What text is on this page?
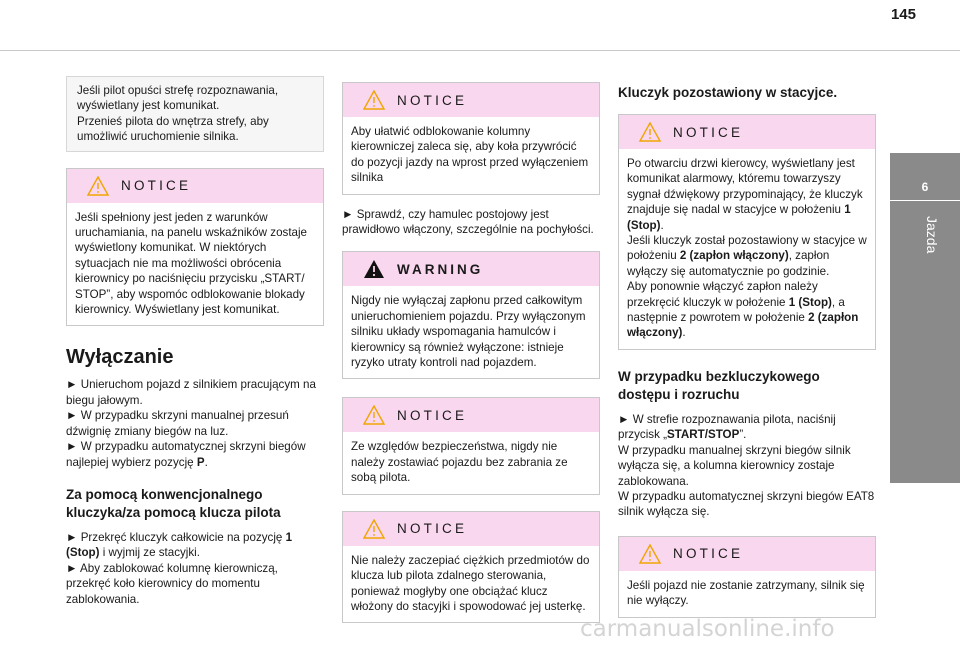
145

Jeśli pilot opuści strefę rozpoznawania, wyświetlany jest komunikat.
Przenieś pilota do wnętrza strefy, aby umożliwić uruchomienie silnika.

NOTICE

Jeśli spełniony jest jeden z warunków uruchamiania, na panelu wskaźników zostaje wyświetlony komunikat. W niektórych sytuacjach nie ma możliwości obrócenia kierownicy po naciśnięciu przycisku „START/ STOP”, aby wspomóc odblokowanie blokady kierownicy. Wyświetlany jest komunikat.

Wyłączanie

► Unieruchom pojazd z silnikiem pracującym na biegu jałowym.
► W przypadku skrzyni manualnej przesuń dźwignię zmiany biegów na luz.
► W przypadku automatycznej skrzyni biegów najlepiej wybierz pozycję P.

Za pomocą konwencjonalnego kluczyka/za pomocą klucza pilota

► Przekręć kluczyk całkowicie na pozycję 1 (Stop) i wyjmij ze stacyjki.
► Aby zablokować kolumnę kierowniczą, przekręć koło kierownicy do momentu zablokowania.

NOTICE

Aby ułatwić odblokowanie kolumny kierowniczej zaleca się, aby koła przywrócić do pozycji jazdy na wprost przed wyłączeniem silnika

► Sprawdź, czy hamulec postojowy jest prawidłowo włączony, szczególnie na pochyłości.

WARNING

Nigdy nie wyłączaj zapłonu przed całkowitym unieruchomieniem pojazdu. Przy wyłączonym silniku układy wspomagania hamulców i kierownicy są również wyłączone: istnieje ryzyko utraty kontroli nad pojazdem.

NOTICE

Ze względów bezpieczeństwa, nigdy nie należy zostawiać pojazdu bez zabrania ze sobą pilota.

NOTICE

Nie należy zaczepiać ciężkich przedmiotów do klucza lub pilota zdalnego sterowania, ponieważ mogłyby one obciążać klucz włożony do stacyjki i spowodować jej usterkę.

Kluczyk pozostawiony w stacyjce.
NOTICE

Po otwarciu drzwi kierowcy, wyświetlany jest komunikat alarmowy, któremu towarzyszy sygnał dźwiękowy przypominający, że kluczyk znajduje się nadal w stacyjce w położeniu 1 (Stop).
Jeśli kluczyk został pozostawiony w stacyjce w położeniu 2 (zapłon włączony), zapłon wyłączy się automatycznie po godzinie.
Aby ponownie włączyć zapłon należy przekręcić kluczyk w położenie 1 (Stop), a następnie z powrotem w położenie 2 (zapłon włączony).

W przypadku bezkluczykowego dostępu i rozruchu

► W strefie rozpoznawania pilota, naciśnij przycisk „START/STOP”.
W przypadku manualnej skrzyni biegów silnik wyłącza się, a kolumna kierownicy zostaje zablokowana.
W przypadku automatycznej skrzyni biegów EAT8 silnik wyłącza się.

NOTICE

Jeśli pojazd nie zostanie zatrzymany, silnik się nie wyłączy.

6
Jazda
carmanualsonline.info
